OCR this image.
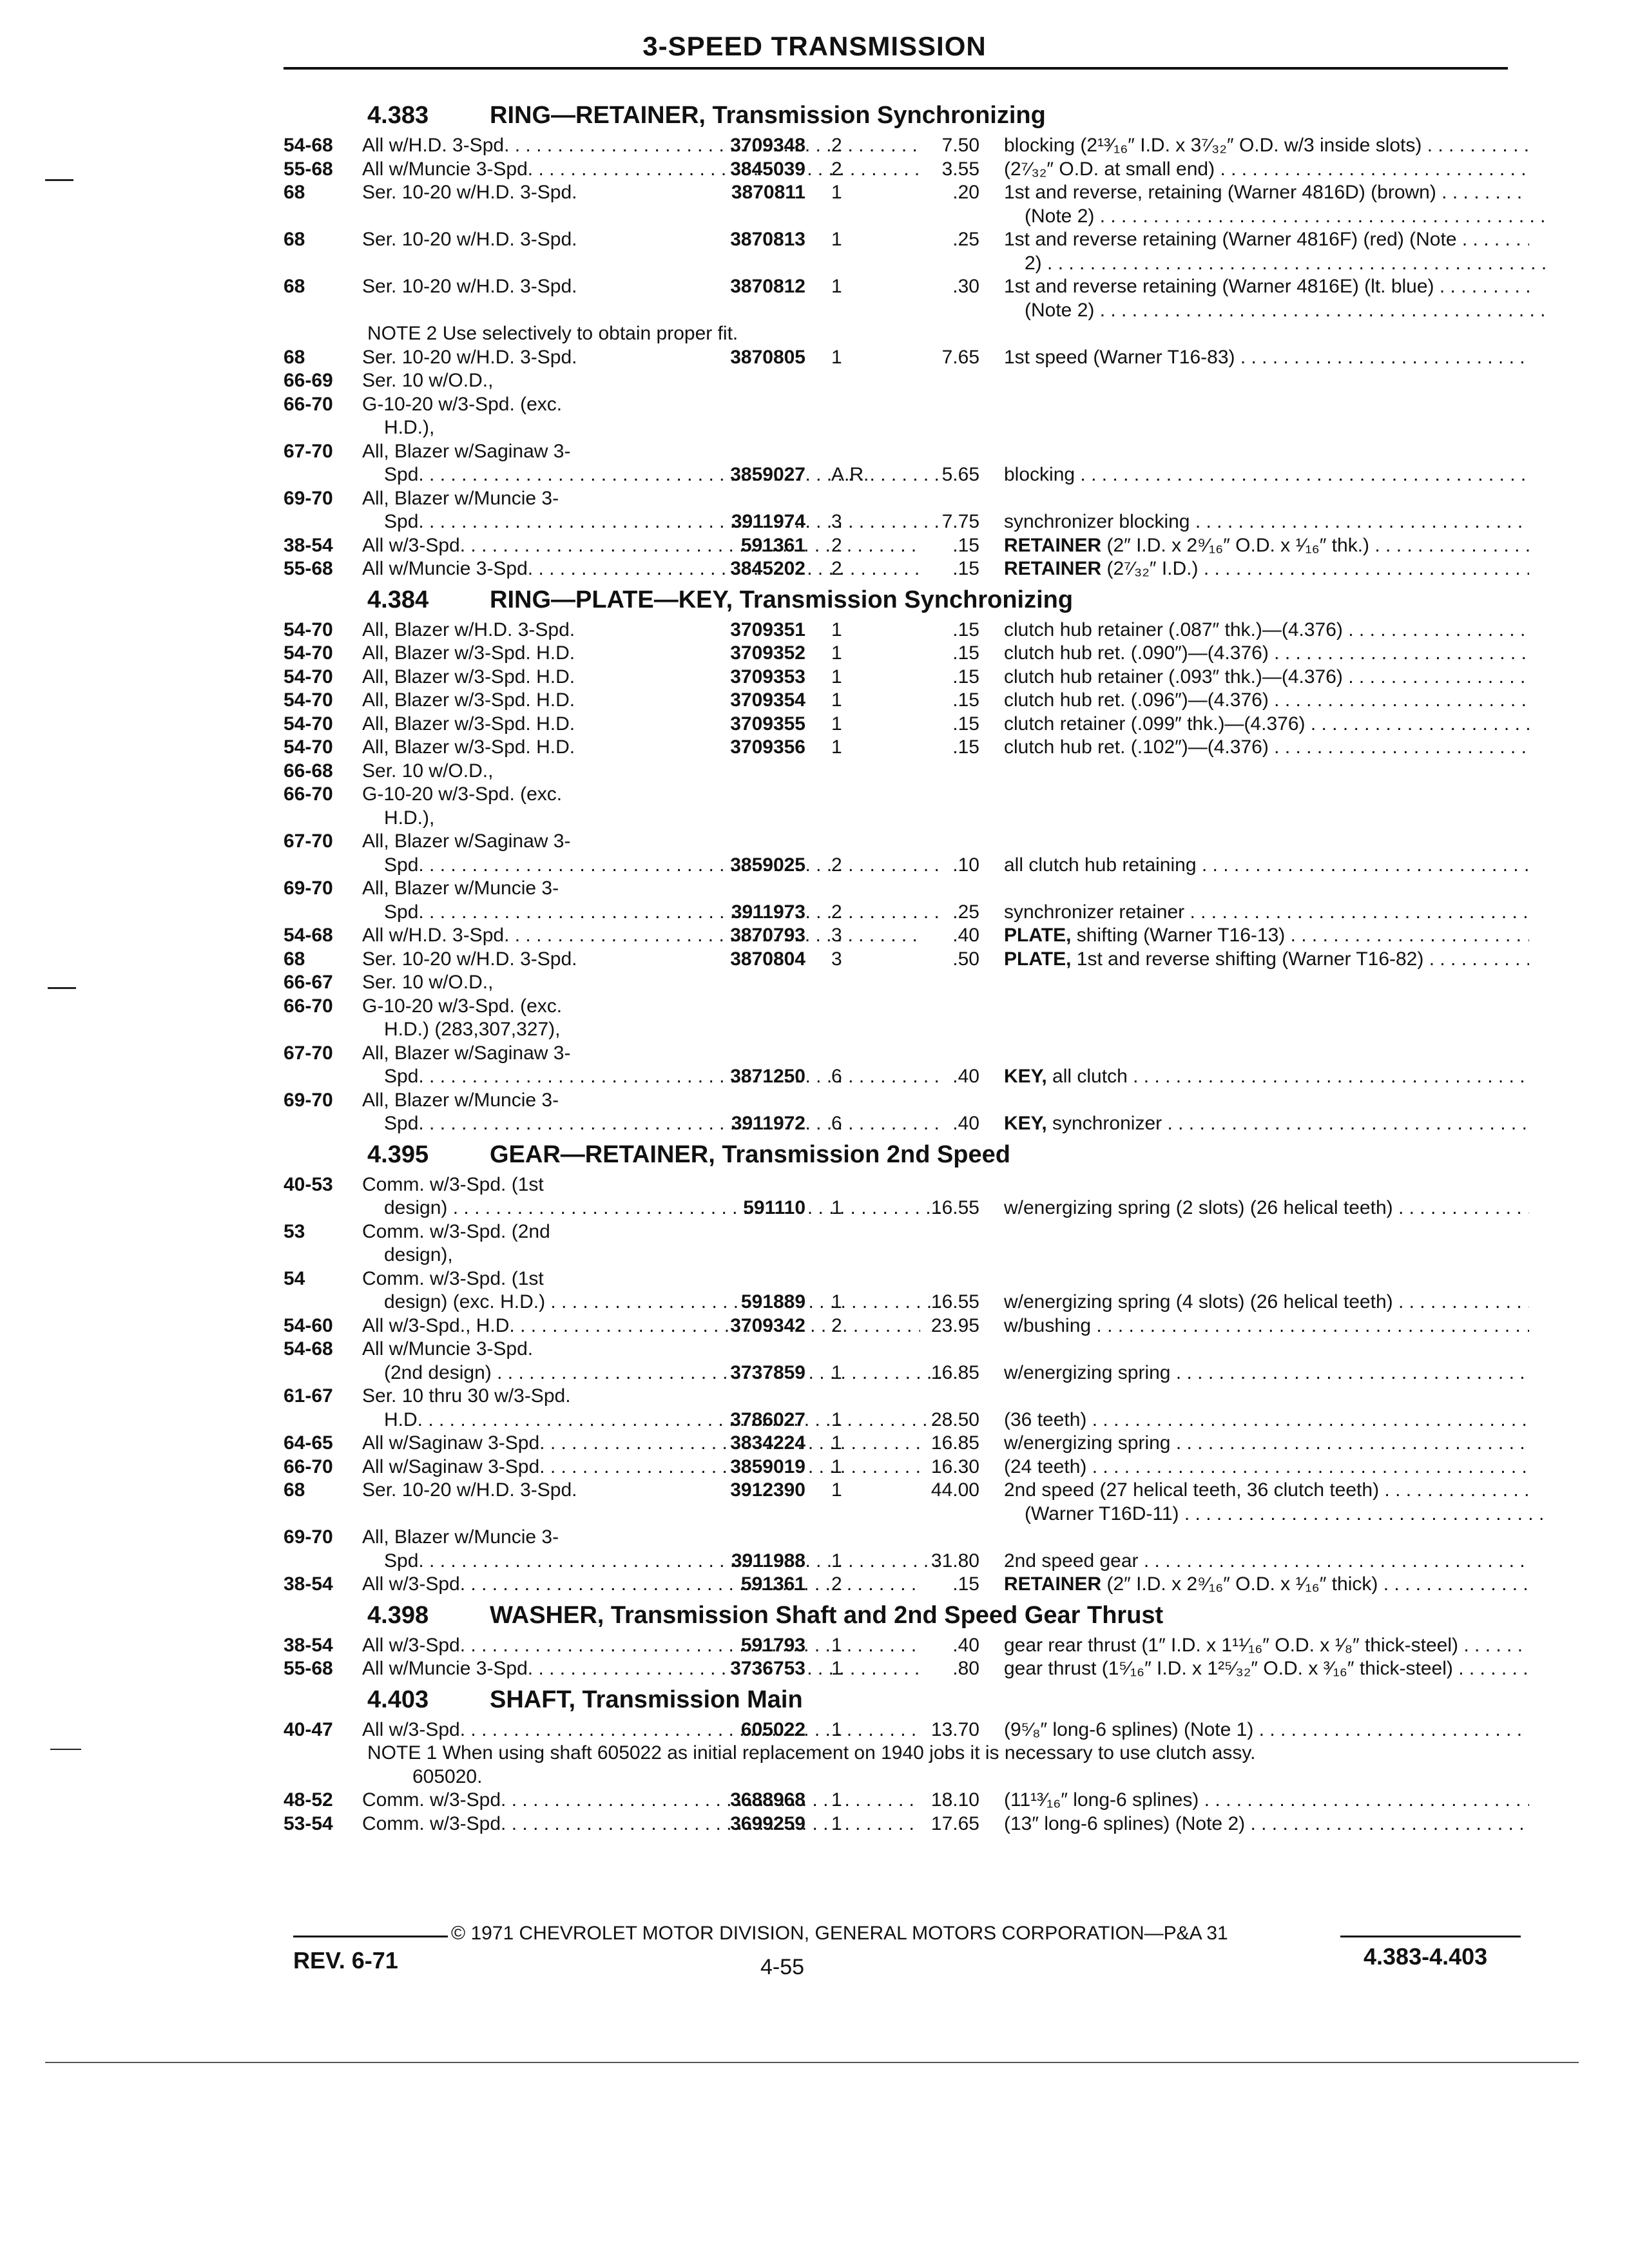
3-SPEED TRANSMISSION
4.383 RING—RETAINER, Transmission Synchronizing
54-68 All w/H.D. 3-Spd. . . .	3709348 2	7.50 blocking (2¹³⁄₁₆″ I.D. x 3⁷⁄₃₂″ O.D. w/3 inside slots) . . .
55-68 All w/Muncie 3-Spd. . . .	3845039 2	3.55 (2⁷⁄₃₂″ O.D. at small end) . . .
68	Ser. 10-20 w/H.D. 3-Spd.	3870811 1	.20 1st and reverse, retaining (Warner 4816D) (brown) . . .
(Note 2) . . .
68	Ser. 10-20 w/H.D. 3-Spd.	3870813 1	.25 1st and reverse retaining (Warner 4816F) (red) (Note . . .
2) . . .
68	Ser. 10-20 w/H.D. 3-Spd.	3870812 1	.30 1st and reverse retaining (Warner 4816E) (lt. blue) . . .
(Note 2) . . .
NOTE 2 Use selectively to obtain proper fit.
68	Ser. 10-20 w/H.D. 3-Spd.	3870805 1	7.65 1st speed (Warner T16-83) . . .
66-69 Ser. 10 w/O.D.,
66-70 G-10-20 w/3-Spd. (exc.
H.D.),
67-70 All, Blazer w/Saginaw 3-
Spd. . . .	3859027 A.R.	5.65 blocking . . .
69-70 All, Blazer w/Muncie 3-
Spd. . . .	3911974 3	7.75 synchronizer blocking . . .
38-54 All w/3-Spd. . . .	591361 2	.15 RETAINER (2″ I.D. x 2⁹⁄₁₆″ O.D. x ¹⁄₁₆″ thk.) . . .
55-68 All w/Muncie 3-Spd. . . .	3845202 2	.15 RETAINER (2⁷⁄₃₂″ I.D.) . . .
4.384 RING—PLATE—KEY, Transmission Synchronizing
54-70 All, Blazer w/H.D. 3-Spd.	3709351 1	.15 clutch hub retainer (.087″ thk.)—(4.376) . . .
54-70 All, Blazer w/3-Spd. H.D.	3709352 1	.15 clutch hub ret. (.090″)—(4.376) . . .
54-70 All, Blazer w/3-Spd. H.D.	3709353 1	.15 clutch hub retainer (.093″ thk.)—(4.376) . . .
54-70 All, Blazer w/3-Spd. H.D.	3709354 1	.15 clutch hub ret. (.096″)—(4.376) . . .
54-70 All, Blazer w/3-Spd. H.D.	3709355 1	.15 clutch retainer (.099″ thk.)—(4.376) . . .
54-70 All, Blazer w/3-Spd. H.D.	3709356 1	.15 clutch hub ret. (.102″)—(4.376) . . .
66-68 Ser. 10 w/O.D.,
66-70 G-10-20 w/3-Spd. (exc.
H.D.),
67-70 All, Blazer w/Saginaw 3-
Spd. . . .	3859025 2	.10 all clutch hub retaining . . .
69-70 All, Blazer w/Muncie 3-
Spd. . . .	3911973 2	.25 synchronizer retainer . . .
54-68 All w/H.D. 3-Spd. . . .	3870793 3	.40 PLATE, shifting (Warner T16-13) . . .
68	Ser. 10-20 w/H.D. 3-Spd.	3870804 3	.50 PLATE, 1st and reverse shifting (Warner T16-82) . . .
66-67 Ser. 10 w/O.D.,
66-70 G-10-20 w/3-Spd. (exc.
H.D.) (283,307,327),
67-70 All, Blazer w/Saginaw 3-
Spd. . . .	3871250 6	.40 KEY, all clutch . . .
69-70 All, Blazer w/Muncie 3-
Spd. . . .	3911972 6	.40 KEY, synchronizer . . .
4.395 GEAR—RETAINER, Transmission 2nd Speed
40-53 Comm. w/3-Spd. (1st
design) . . .	591110 1	16.55 w/energizing spring (2 slots) (26 helical teeth) . . .
53	Comm. w/3-Spd. (2nd
design),
54	Comm. w/3-Spd. (1st
design) (exc. H.D.) . . .	591889 1	16.55 w/energizing spring (4 slots) (26 helical teeth) . . .
54-60 All w/3-Spd., H.D. . . .	3709342 2	23.95 w/bushing . . .
54-68 All w/Muncie 3-Spd.
(2nd design) . . .	3737859 1	16.85 w/energizing spring . . .
61-67 Ser. 10 thru 30 w/3-Spd.
H.D. . . .	3786027 1	28.50 (36 teeth) . . .
64-65 All w/Saginaw 3-Spd. . . .	3834224 1	16.85 w/energizing spring . . .
66-70 All w/Saginaw 3-Spd. . . .	3859019 1	16.30 (24 teeth) . . .
68	Ser. 10-20 w/H.D. 3-Spd.	3912390 1	44.00 2nd speed (27 helical teeth, 36 clutch teeth) . . .
(Warner T16D-11) . . .
69-70 All, Blazer w/Muncie 3-
Spd. . . .	3911988 1	31.80 2nd speed gear . . .
38-54 All w/3-Spd. . . .	591361 2	.15 RETAINER (2″ I.D. x 2⁹⁄₁₆″ O.D. x ¹⁄₁₆″ thick) . . .
4.398 WASHER, Transmission Shaft and 2nd Speed Gear Thrust
38-54 All w/3-Spd. . . .	591793 1	.40 gear rear thrust (1″ I.D. x 1¹¹⁄₁₆″ O.D. x ¹⁄₈″ thick-steel) . . .
55-68 All w/Muncie 3-Spd. . . .	3736753 1	.80 gear thrust (1⁵⁄₁₆″ I.D. x 1²⁵⁄₃₂″ O.D. x ³⁄₁₆″ thick-steel) . . . .
4.403 SHAFT, Transmission Main
40-47 All w/3-Spd. . . .	605022 1	13.70 (9⁵⁄₈″ long-6 splines) (Note 1) . . .
NOTE 1 When using shaft 605022 as initial replacement on 1940 jobs it is necessary to use clutch assy.
605020.
48-52 Comm. w/3-Spd. . . .	3688968 1	18.10 (11¹³⁄₁₆″ long-6 splines) . . .
53-54 Comm. w/3-Spd. . . .	3699259 1	17.65 (13″ long-6 splines) (Note 2) . . .
© 1971 CHEVROLET MOTOR DIVISION, GENERAL MOTORS CORPORATION—P&A 31
REV. 6-71	4-55	4.383-4.403
